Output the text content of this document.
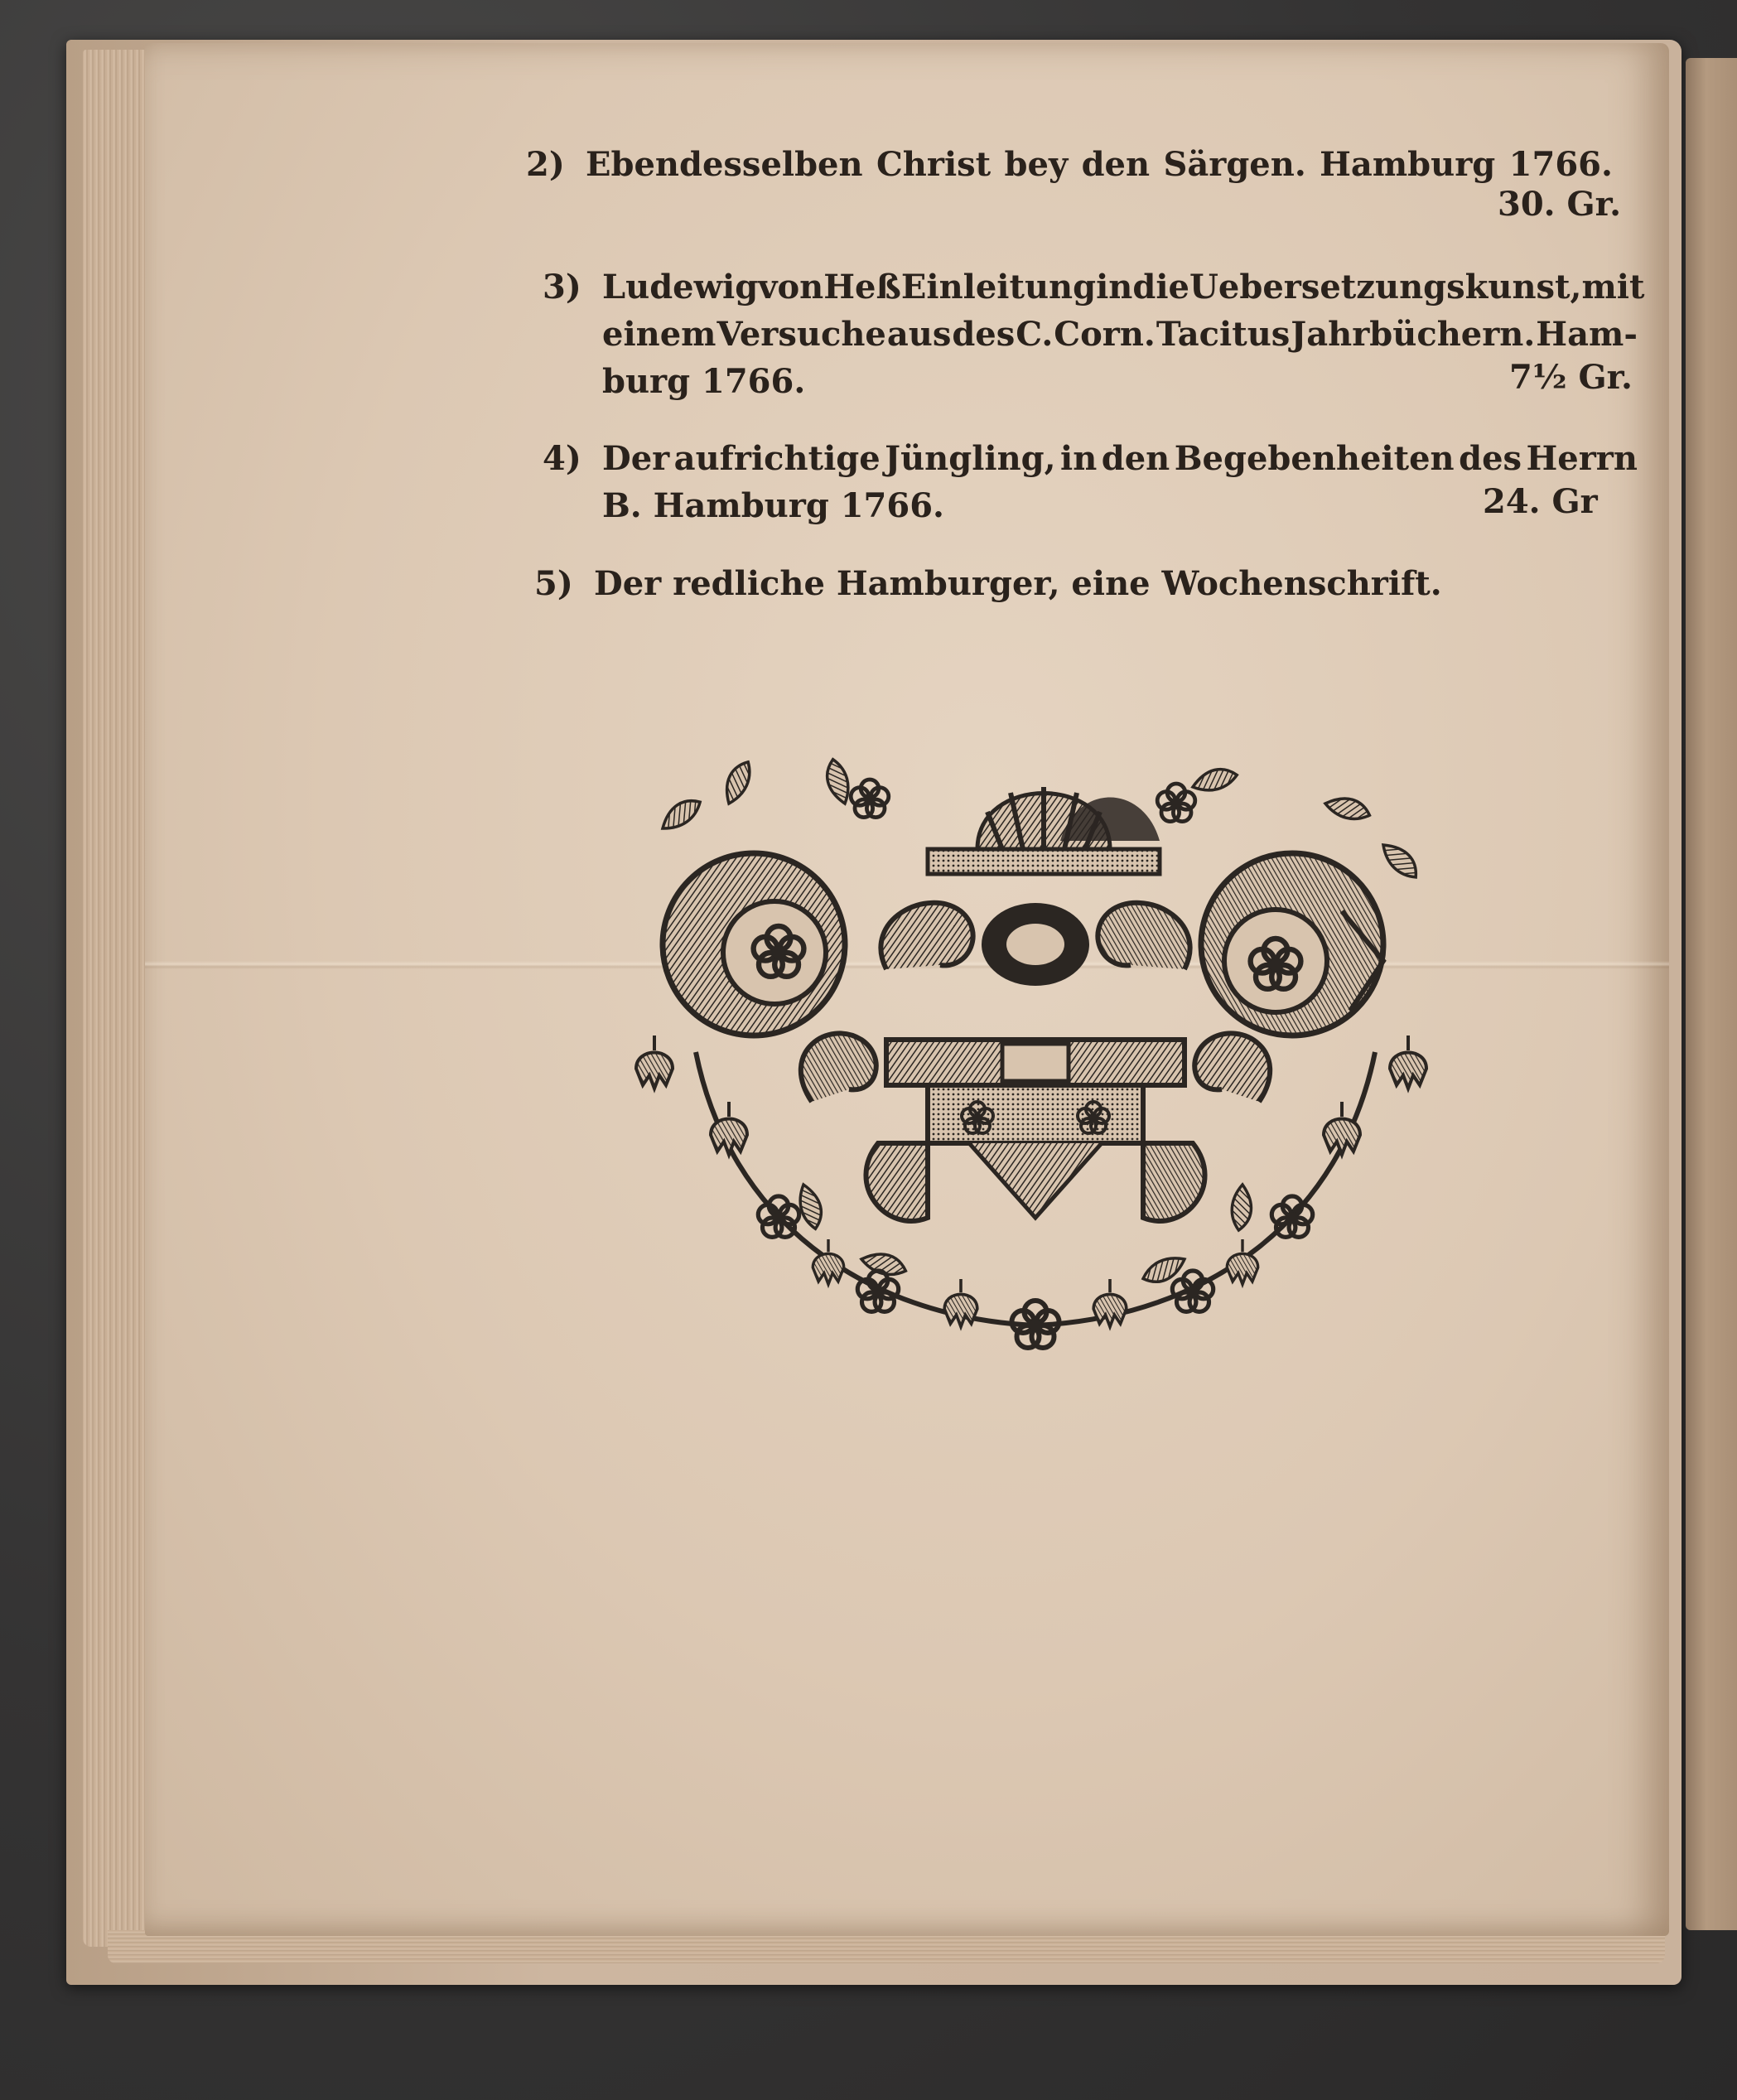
2) Ebendesselben Christ bey den Särgen. Hamburg 1766.
30. Gr.
3) Ludewig von Heß Einleitung in die Uebersetzungskunst, mit
einem Versuche aus des C. Corn. Tacitus Jahrbüchern. Ham-
burg 1766.	7½ Gr.
4) Der aufrichtige Jüngling, in den Begebenheiten des Herrn
B. Hamburg 1766.	24. Gr
5) Der redliche Hamburger, eine Wochenschrift.
